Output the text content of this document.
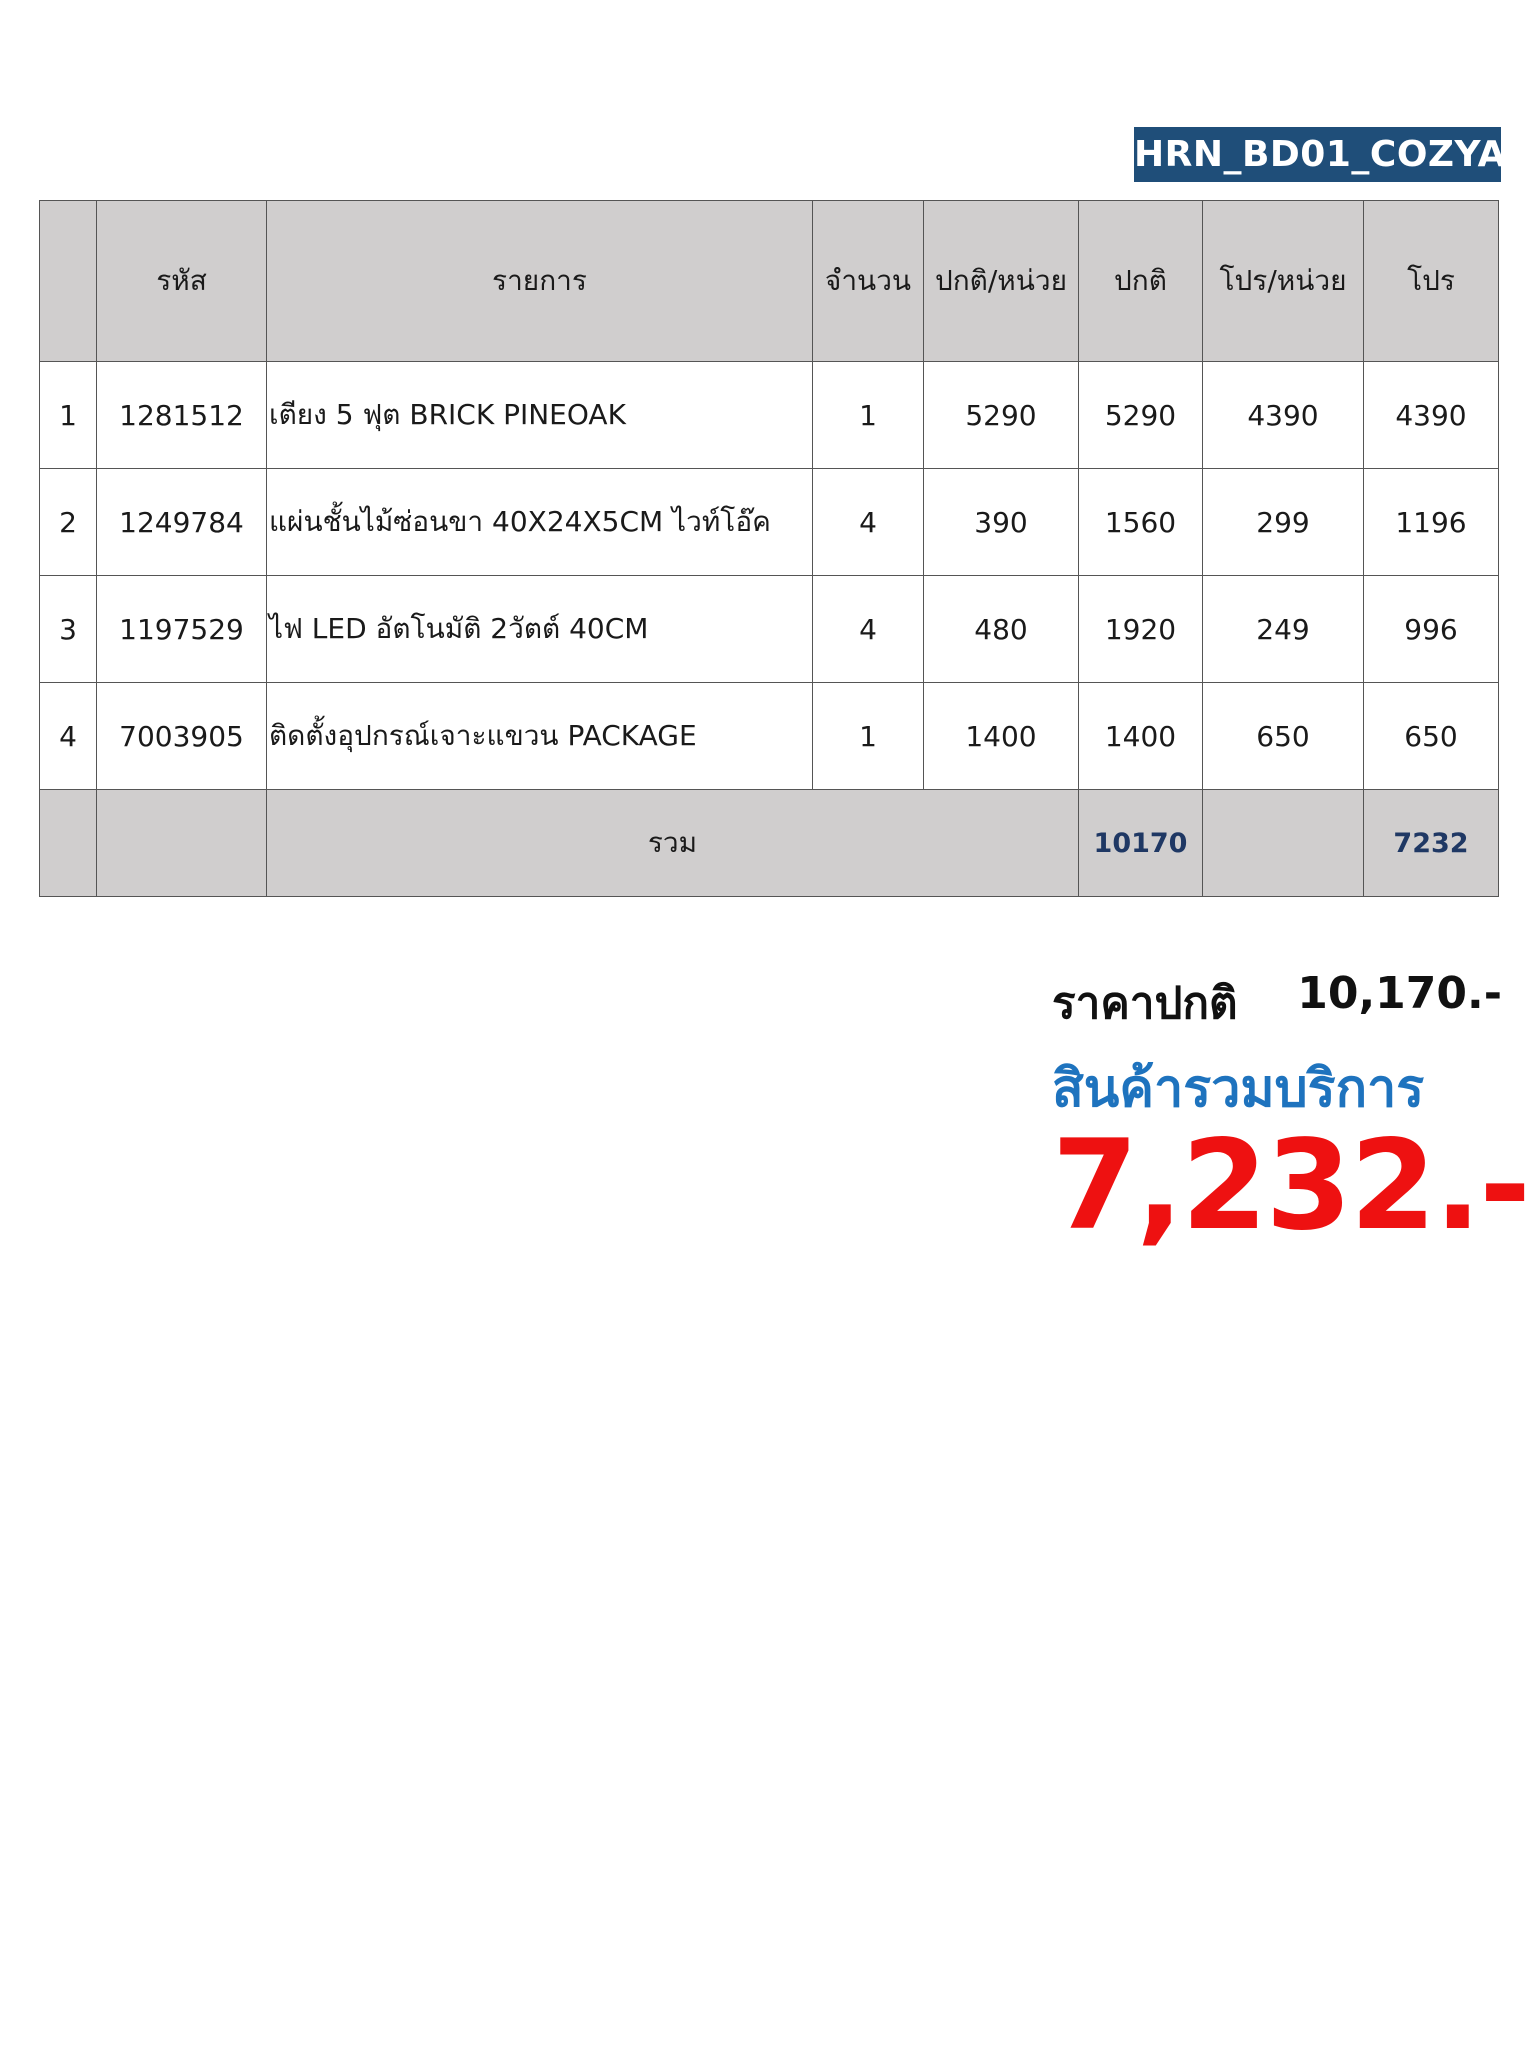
HRN_BD01_COZYA
	รหัส	รายการ	จำนวน	ปกติ/หน่วย	ปกติ	โปร/หน่วย	โปร
1	1281512	เตียง 5 ฟุต BRICK PINEOAK	1	5290	5290	4390	4390
2	1249784	แผ่นชั้นไม้ซ่อนขา 40X24X5CM ไวท์โอ๊ค	4	390	1560	299	1196
3	1197529	ไฟ LED อัตโนมัติ 2วัตต์ 40CM	4	480	1920	249	996
4	7003905	ติดตั้งอุปกรณ์เจาะแขวน PACKAGE	1	1400	1400	650	650
		รวม			10170		7232
ราคาปกติ 10,170.-
สินค้ารวมบริการ
7,232.-
